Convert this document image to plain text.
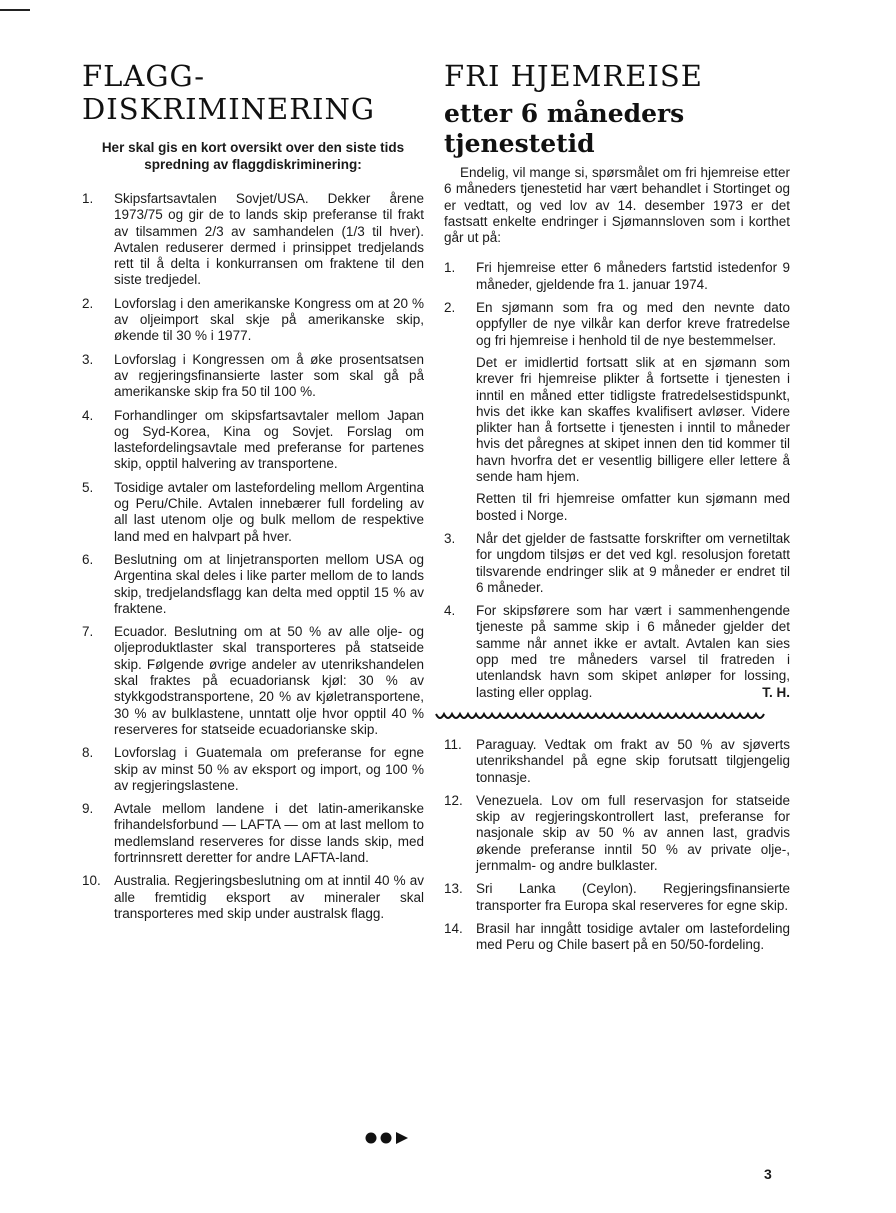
FLAGG-
DISKRIMINERING

Her skal gis en kort oversikt over den siste tids spredning av flaggdiskriminering:

1.	Skipsfartsavtalen Sovjet/USA. Dekker årene 1973/75 og gir de to lands skip preferanse til frakt av tilsammen 2/3 av samhandelen (1/3 til hver). Avtalen reduserer dermed i prinsippet tredjelands rett til å delta i konkurransen om fraktene til den siste tredjedel.
2.	Lovforslag i den amerikanske Kongress om at 20 % av oljeimport skal skje på amerikanske skip, økende til 30 % i 1977.
3.	Lovforslag i Kongressen om å øke prosentsatsen av regjeringsfinansierte laster som skal gå på amerikanske skip fra 50 til 100 %.
4.	Forhandlinger om skipsfartsavtaler mellom Japan og Syd-Korea, Kina og Sovjet. Forslag om lastefordelingsavtale med preferanse for partenes skip, opptil halvering av transportene.
5.	Tosidige avtaler om lastefordeling mellom Argentina og Peru/Chile. Avtalen innebærer full fordeling av all last utenom olje og bulk mellom de respektive land med en halvpart på hver.
6.	Beslutning om at linjetransporten mellom USA og Argentina skal deles i like parter mellom de to lands skip, tredjelandsflagg kan delta med opptil 15 % av fraktene.
7.	Ecuador. Beslutning om at 50 % av alle olje- og oljeproduktlaster skal transporteres på statseide skip. Følgende øvrige andeler av utenrikshandelen skal fraktes på ecuadoriansk kjøl: 30 % av stykkgodstransportene, 20 % av kjøletransportene, 30 % av bulklastene, unntatt olje hvor opptil 40 % reserveres for statseide ecuadorianske skip.
8.	Lovforslag i Guatemala om preferanse for egne skip av minst 50 % av eksport og import, og 100 % av regjeringslastene.
9.	Avtale mellom landene i det latin-amerikanske frihandelsforbund — LAFTA — om at last mellom to medlemsland reserveres for disse lands skip, med fortrinnsrett deretter for andre LAFTA-land.
10. Australia. Regjeringsbeslutning om at inntil 40 % av alle fremtidig eksport av mineraler skal transporteres med skip under australsk flagg.
FRI HJEMREISE
etter 6 måneders tjenestetid

Endelig, vil mange si, spørsmålet om fri hjemreise etter 6 måneders tjenestetid har vært behandlet i Stortinget og er vedtatt, og ved lov av 14. desember 1973 er det fastsatt enkelte endringer i Sjømannsloven som i korthet går ut på:

1.	Fri hjemreise etter 6 måneders fartstid istedenfor 9 måneder, gjeldende fra 1. januar 1974.
2.	En sjømann som fra og med den nevnte dato oppfyller de nye vilkår kan derfor kreve fratredelse og fri hjemreise i henhold til de nye bestemmelser.
Det er imidlertid fortsatt slik at en sjømann som krever fri hjemreise plikter å fortsette i tjenesten i inntil en måned etter tidligste fratredelsestidspunkt, hvis det ikke kan skaffes kvalifisert avløser. Videre plikter han å fortsette i tjenesten i inntil to måneder hvis det påregnes at skipet innen den tid kommer til havn hvorfra det er vesentlig billigere eller lettere å sende ham hjem.
Retten til fri hjemreise omfatter kun sjømann med bosted i Norge.
3.	Når det gjelder de fastsatte forskrifter om vernetiltak for ungdom tilsjøs er det ved kgl. resolusjon foretatt tilsvarende endringer slik at 9 måneder er endret til 6 måneder.
4.	For skipsførere som har vært i sammenhengende tjeneste på samme skip i 6 måneder gjelder det samme når annet ikke er avtalt. Avtalen kan sies opp med tre måneders varsel til fratreden i utenlandsk havn som skipet anløper for lossing, lasting eller opplag.	T. H.
11.	Paraguay. Vedtak om frakt av 50 % av sjøverts utenrikshandel på egne skip forutsatt tilgjengelig tonnasje.
12. Venezuela. Lov om full reservasjon for statseide skip av regjeringskontrollert last, preferanse for nasjonale skip av 50 % av annen last, gradvis økende preferanse inntil 50 % av private olje-, jernmalm- og andre bulklaster.
13. Sri Lanka (Ceylon). Regjeringsfinansierte transporter fra Europa skal reserveres for egne skip.
14. Brasil har inngått tosidige avtaler om lastefordeling med Peru og Chile basert på en 50/50-fordeling.
3
